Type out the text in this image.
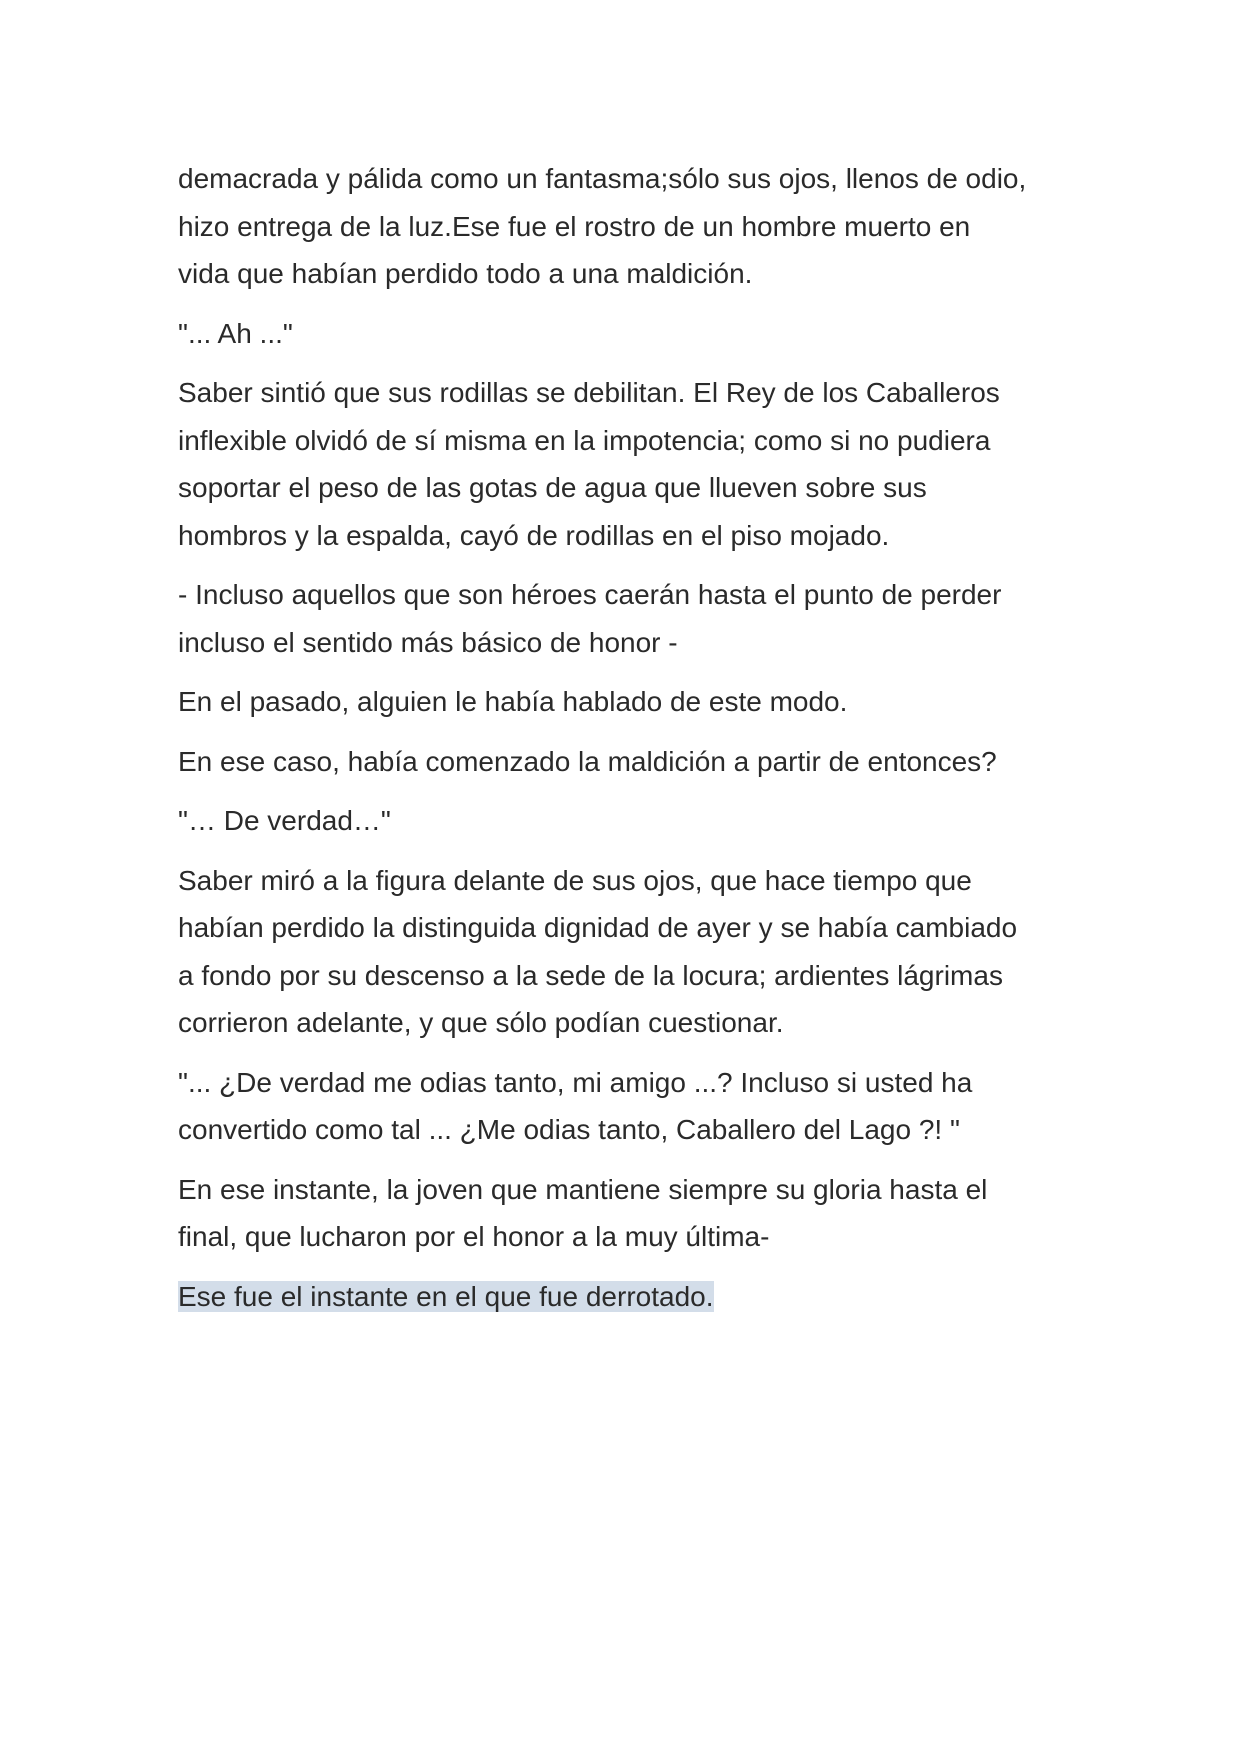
demacrada y pálida como un fantasma;sólo sus ojos, llenos de odio,
hizo entrega de la luz.Ese fue el rostro de un hombre muerto en
vida que habían perdido todo a una maldición.

"... Ah ..."

Saber sintió que sus rodillas se debilitan. El Rey de los Caballeros
inflexible olvidó de sí misma en la impotencia; como si no pudiera
soportar el peso de las gotas de agua que llueven sobre sus
hombros y la espalda, cayó de rodillas en el piso mojado.

- Incluso aquellos que son héroes caerán hasta el punto de perder
incluso el sentido más básico de honor -

En el pasado, alguien le había hablado de este modo.

En ese caso, había comenzado la maldición a partir de entonces?

"… De verdad…"

Saber miró a la figura delante de sus ojos, que hace tiempo que
habían perdido la distinguida dignidad de ayer y se había cambiado
a fondo por su descenso a la sede de la locura; ardientes lágrimas
corrieron adelante, y que sólo podían cuestionar.

"... ¿De verdad me odias tanto, mi amigo ...? Incluso si usted ha
convertido como tal ... ¿Me odias tanto, Caballero del Lago ?! "

En ese instante, la joven que mantiene siempre su gloria hasta el
final, que lucharon por el honor a la muy última-

Ese fue el instante en el que fue derrotado.
